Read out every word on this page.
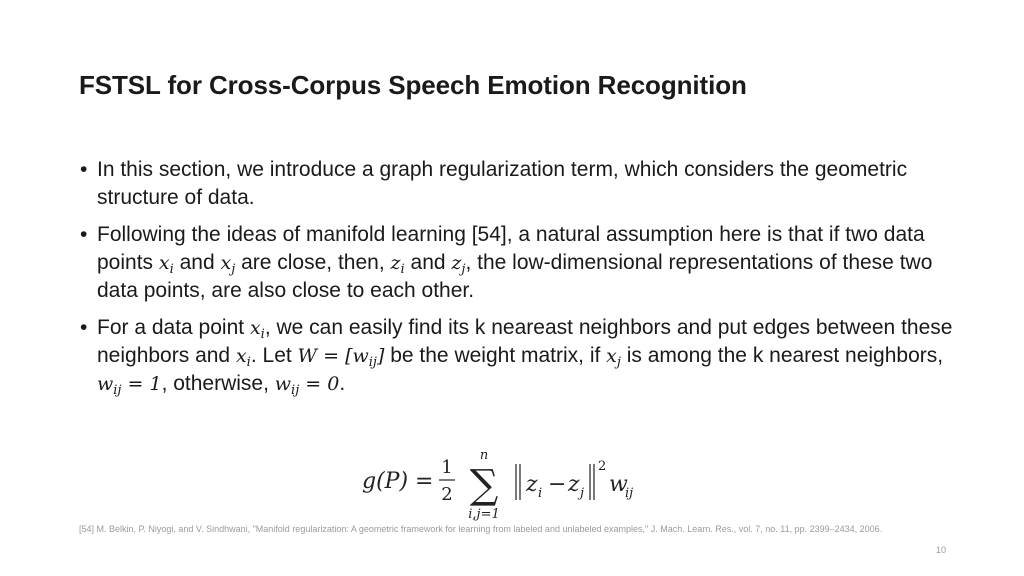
FSTSL for Cross-Corpus Speech Emotion Recognition
• In this section, we introduce a graph regularization term, which considers the geometric structure of data.
• Following the ideas of manifold learning [54], a natural assumption here is that if two data points $x_i$ and $x_j$ are close, then, $z_i$ and $z_j$, the low-dimensional representations of these two data points, are also close to each other.
• For a data point $x_i$, we can easily find its k neareast neighbors and put edges between these neighbors and $x_i$. Let $W = [w_{ij}]$ be the weight matrix, if $x_j$ is among the k nearest neighbors, $w_{ij} = 1$, otherwise, $w_{ij} = 0$.
g(P) =
1
2
n
∑
i,j=1
z i − z j
2
w
ij
[54] M. Belkin, P. Niyogi, and V. Sindhwani, "Manifold regularization: A geometric framework for learning from labeled and unlabeled examples," J. Mach. Learn. Res., vol. 7, no. 11, pp. 2399–2434, 2006.
10
